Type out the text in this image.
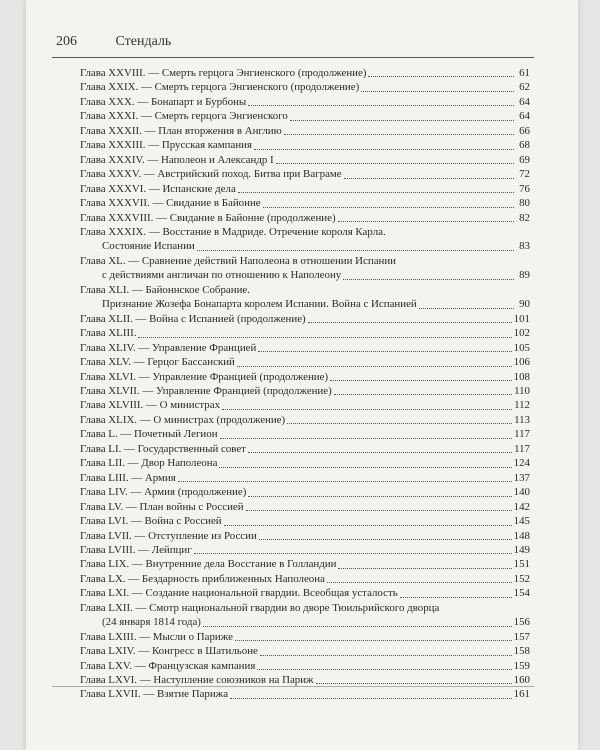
206	Стендаль
Глава XXVIII. — Смерть герцога Энгиенского (продолжение)	61
Глава XXIX. — Смерть герцога Энгиенского (продолжение)	62
Глава XXX. — Бонапарт и Бурбоны	64
Глава XXXI. — Смерть герцога Энгиенского	64
Глава XXXII. — План вторжения в Англию	66
Глава XXXIII. — Прусская кампания	68
Глава XXXIV. — Наполеон и Александр I	69
Глава XXXV. — Австрийский поход. Битва при Ваграме	72
Глава XXXVI. — Испанские дела	76
Глава XXXVII. — Свидание в Байонне	80
Глава XXXVIII. — Свидание в Байонне (продолжение)	82
Глава XXXIX. — Восстание в Мадриде. Отречение короля Карла.
Состояние Испании	83
Глава XL. — Сравнение действий Наполеона в отношении Испании
с действиями англичан по отношению к Наполеону	89
Глава XLI. — Байоннское Собрание.
Признание Жозефа Бонапарта королем Испании. Война с Испанией	90
Глава XLII. — Война с Испанией (продолжение)	101
Глава XLIII.	102
Глава XLIV. — Управление Францией	105
Глава XLV. — Герцог Бассанский	106
Глава XLVI. — Управление Францией (продолжение)	108
Глава XLVII. — Управление Францией (продолжение)	110
Глава XLVIII. — О министрах	112
Глава XLIX. — О министрах (продолжение)	113
Глава L. — Почетный Легион	117
Глава LI. — Государственный совет	117
Глава LII. — Двор Наполеона	124
Глава LIII. — Армия	137
Глава LIV. — Армия (продолжение)	140
Глава LV. — План войны с Россией	142
Глава LVI. — Война с Россией	145
Глава LVII. — Отступление из России	148
Глава LVIII. — Лейпциг	149
Глава LIX. — Внутренние дела Восстание в Голландии	151
Глава LX. — Бездарность приближенных Наполеона	152
Глава LXI. — Создание национальной гвардии. Всеобщая усталость	154
Глава LXII. — Смотр национальной гвардии во дворе Тюильрийского дворца
(24 января 1814 года)	156
Глава LXIII. — Мысли о Париже	157
Глава LXIV. — Конгресс в Шатильоне	158
Глава LXV. — Французская кампания	159
Глава LXVI. — Наступление союзников на Париж	160
Глава LXVII. — Взятие Парижа	161
